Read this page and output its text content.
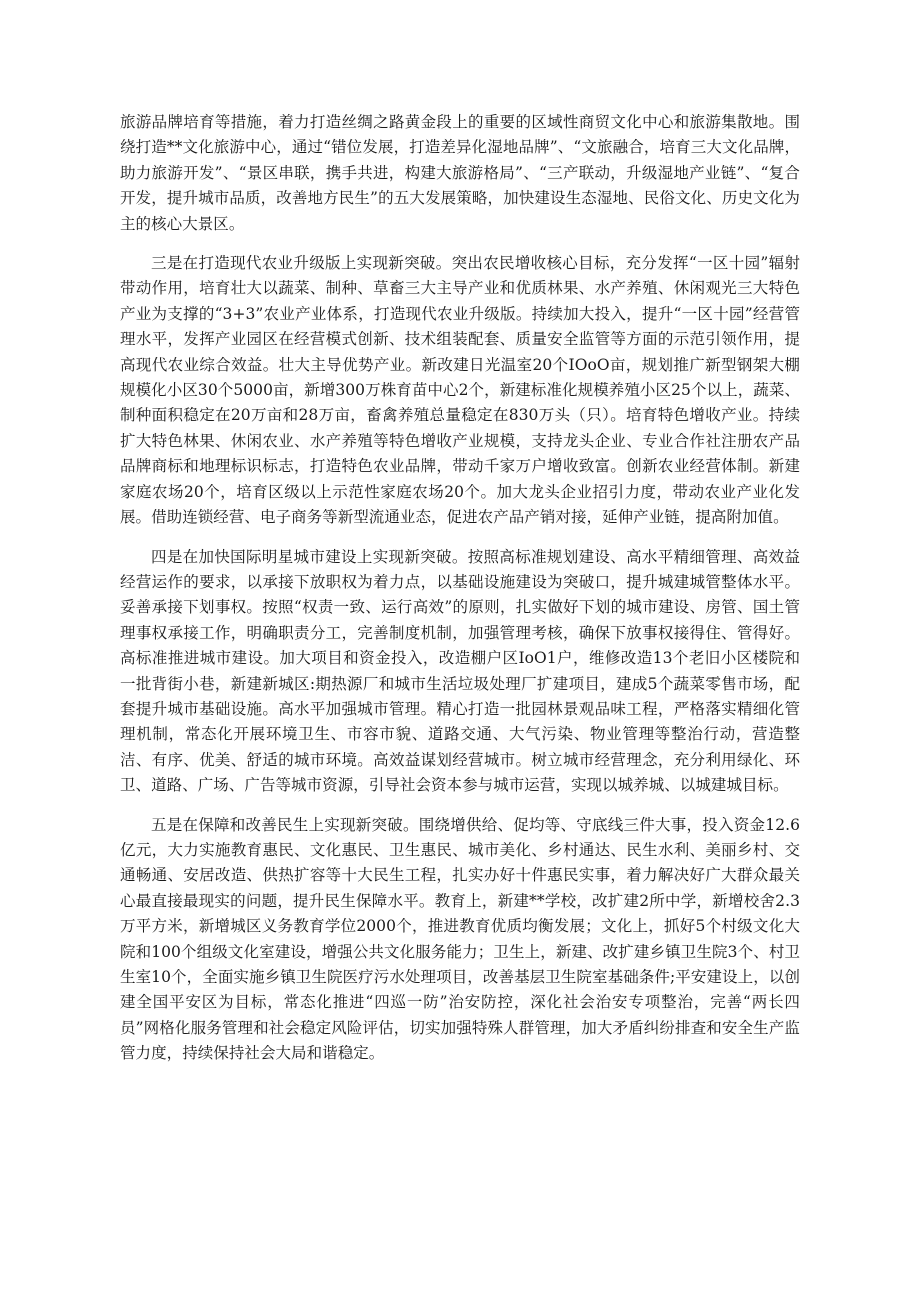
旅游品牌培育等措施，着力打造丝绸之路黄金段上的重要的区域性商贸文化中心和旅游集散地。围绕打造**文化旅游中心，通过“错位发展，打造差异化湿地品牌”、“文旅融合，培育三大文化品牌，助力旅游开发”、“景区串联，携手共进，构建大旅游格局”、“三产联动，升级湿地产业链”、“复合开发，提升城市品质，改善地方民生”的五大发展策略，加快建设生态湿地、民俗文化、历史文化为主的核心大景区。

三是在打造现代农业升级版上实现新突破。突出农民增收核心目标，充分发挥“一区十园”辐射带动作用，培育壮大以蔬菜、制种、草畜三大主导产业和优质林果、水产养殖、休闲观光三大特色产业为支撑的“3+3”农业产业体系，打造现代农业升级版。持续加大投入，提升“一区十园”经营管理水平，发挥产业园区在经营模式创新、技术组装配套、质量安全监管等方面的示范引领作用，提高现代农业综合效益。壮大主导优势产业。新改建日光温室20个IOoO亩，规划推广新型钢架大棚规模化小区30个5000亩，新增300万株育苗中心2个，新建标准化规模养殖小区25个以上，蔬菜、制种面积稳定在20万亩和28万亩，畜禽养殖总量稳定在830万头（只）。培育特色增收产业。持续扩大特色林果、休闲农业、水产养殖等特色增收产业规模，支持龙头企业、专业合作社注册农产品品牌商标和地理标识标志，打造特色农业品牌，带动千家万户增收致富。创新农业经营体制。新建家庭农场20个，培育区级以上示范性家庭农场20个。加大龙头企业招引力度，带动农业产业化发展。借助连锁经营、电子商务等新型流通业态，促进农产品产销对接，延伸产业链，提高附加值。

四是在加快国际明星城市建设上实现新突破。按照高标准规划建设、高水平精细管理、高效益经营运作的要求，以承接下放职权为着力点，以基础设施建设为突破口，提升城建城管整体水平。妥善承接下划事权。按照“权责一致、运行高效”的原则，扎实做好下划的城市建设、房管、国土管理事权承接工作，明确职责分工，完善制度机制，加强管理考核，确保下放事权接得住、管得好。高标准推进城市建设。加大项目和资金投入，改造棚户区IoO1户，维修改造13个老旧小区楼院和一批背街小巷，新建新城区:期热源厂和城市生活垃圾处理厂扩建项目，建成5个蔬菜零售市场，配套提升城市基础设施。高水平加强城市管理。精心打造一批园林景观品味工程，严格落实精细化管理机制，常态化开展环境卫生、市容市貌、道路交通、大气污染、物业管理等整治行动，营造整洁、有序、优美、舒适的城市环境。高效益谋划经营城市。树立城市经营理念，充分利用绿化、环卫、道路、广场、广告等城市资源，引导社会资本参与城市运营，实现以城养城、以城建城目标。

五是在保障和改善民生上实现新突破。围绕增供给、促均等、守底线三件大事，投入资金12.6亿元，大力实施教育惠民、文化惠民、卫生惠民、城市美化、乡村通达、民生水利、美丽乡村、交通畅通、安居改造、供热扩容等十大民生工程，扎实办好十件惠民实事，着力解决好广大群众最关心最直接最现实的问题，提升民生保障水平。教育上，新建**学校，改扩建2所中学，新增校舍2.3万平方米，新增城区义务教育学位2000个，推进教育优质均衡发展；文化上，抓好5个村级文化大院和100个组级文化室建设，增强公共文化服务能力；卫生上，新建、改扩建乡镇卫生院3个、村卫生室10个，全面实施乡镇卫生院医疗污水处理项目，改善基层卫生院室基础条件;平安建设上，以创建全国平安区为目标，常态化推进“四巡一防”治安防控，深化社会治安专项整治，完善“两长四员”网格化服务管理和社会稳定风险评估，切实加强特殊人群管理，加大矛盾纠纷排查和安全生产监管力度，持续保持社会大局和谐稳定。
